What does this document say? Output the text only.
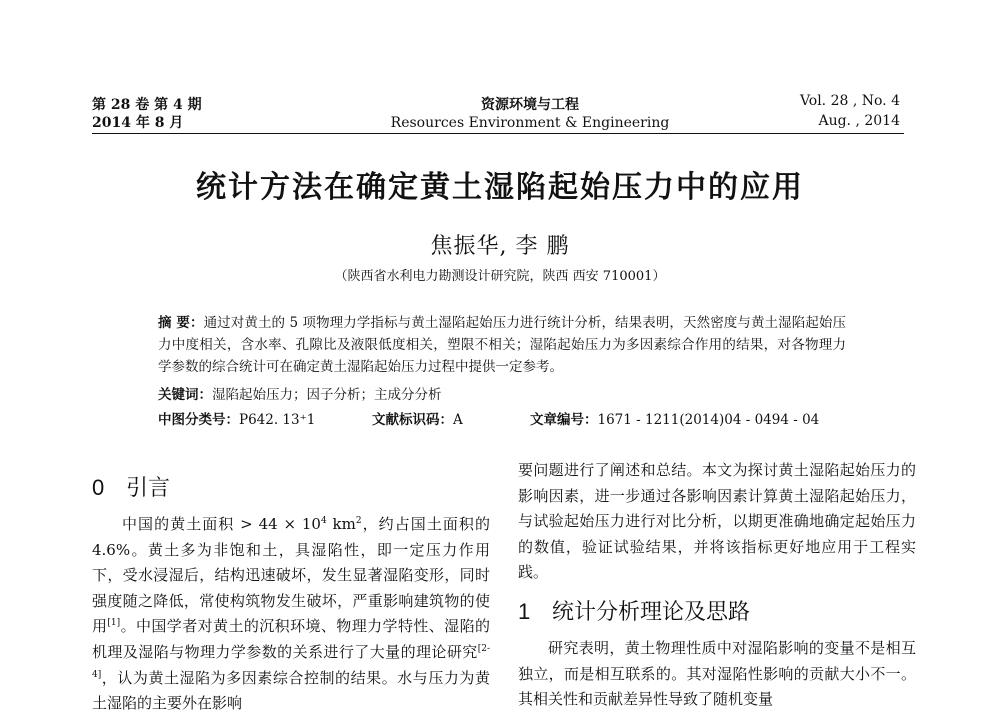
第 28 卷 第 4 期
2014 年 8 月
资源环境与工程
Resources Environment & Engineering
Vol. 28 , No. 4
Aug. , 2014
统计方法在确定黄土湿陷起始压力中的应用
焦振华, 李 鹏
（陕西省水利电力勘测设计研究院，陕西 西安 710001）
摘 要：通过对黄土的 5 项物理力学指标与黄土湿陷起始压力进行统计分析，结果表明，天然密度与黄土湿陷起始压力中度相关，含水率、孔隙比及液限低度相关，塑限不相关；湿陷起始压力为多因素综合作用的结果，对各物理力学参数的综合统计可在确定黄土湿陷起始压力过程中提供一定参考。
关键词：湿陷起始压力；因子分析；主成分分析
中图分类号：P642. 13⁺1	文献标识码：A	文章编号：1671 - 1211(2014)04 - 0494 - 04
0 引言

中国的黄土面积 > $44 \times 10^4$ $km^2$，约占国土面积的 4.6%。黄土多为非饱和土，具湿陷性，即一定压力作用下，受水浸湿后，结构迅速破坏，发生显著湿陷变形，同时强度随之降低，常使构筑物发生破坏，严重影响建筑物的使用[1]。中国学者对黄土的沉积环境、物理力学特性、湿陷的机理及湿陷与物理力学参数的关系进行了大量的理论研究[2-4]，认为黄土湿陷为多因素综合控制的结果。水与压力为黄土湿陷的主要外在影响

要问题进行了阐述和总结。本文为探讨黄土湿陷起始压力的影响因素，进一步通过各影响因素计算黄土湿陷起始压力，与试验起始压力进行对比分析，以期更准确地确定起始压力的数值，验证试验结果，并将该指标更好地应用于工程实践。

1 统计分析理论及思路

研究表明，黄土物理性质中对湿陷影响的变量不是相互独立，而是相互联系的。其对湿陷性影响的贡献大小不一。其相关性和贡献差异性导致了随机变量
